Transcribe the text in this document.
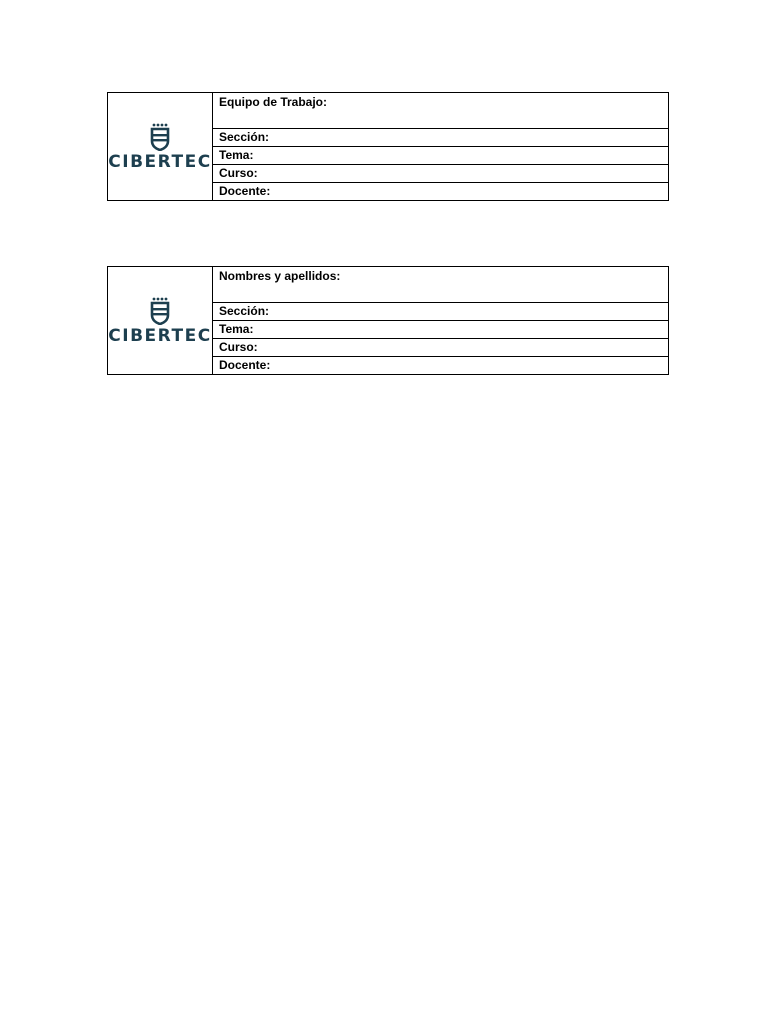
CIBERTEC
	Equipo de Trabajo:
Sección:
Tema:
Curso:
Docente:
CIBERTEC
	Nombres y apellidos:
Sección:
Tema:
Curso:
Docente:
